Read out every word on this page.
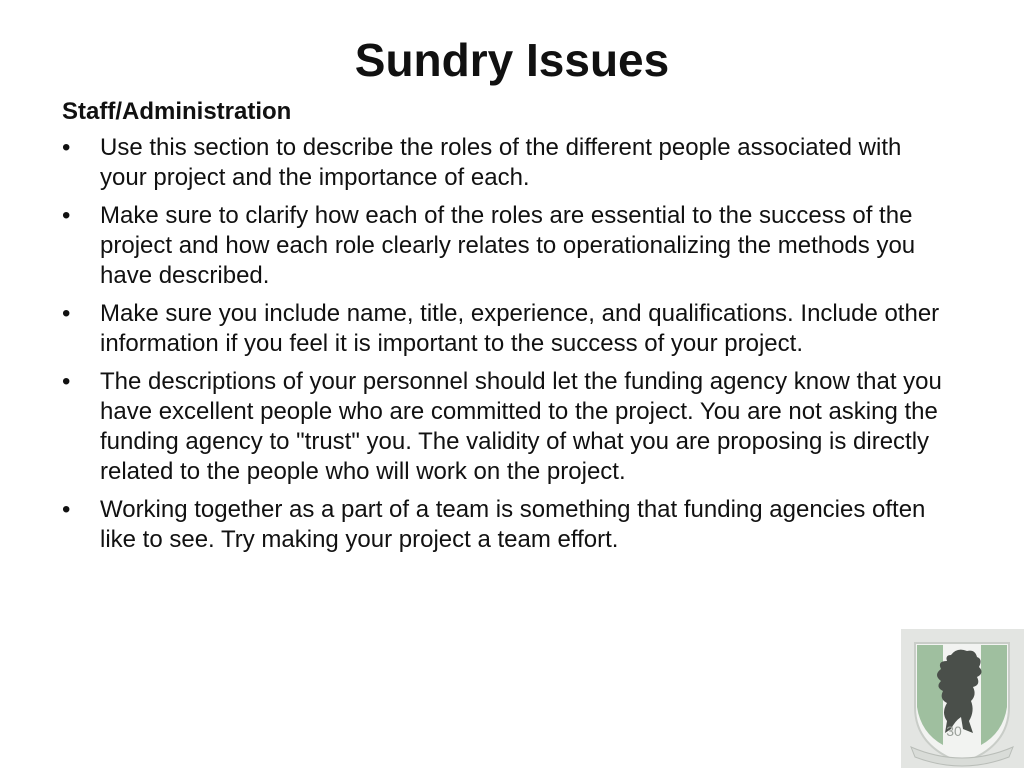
Sundry Issues
Staff/Administration
•	Use this section to describe the roles of the different people associated with your project and the importance of each.
•	Make sure to clarify how each of the roles are essential to the success of the project and how each role clearly relates to operationalizing the methods you have described.
•	Make sure you include name, title, experience, and qualifications. Include other information if you feel it is important to the success of your project.
•	The descriptions of your personnel should let the funding agency know that you have excellent people who are committed to the project. You are not asking the funding agency to "trust" you. The validity of what you are proposing is directly related to the people who will work on the project.
•	Working together as a part of a team is something that funding agencies often like to see. Try making your project a team effort.
30
